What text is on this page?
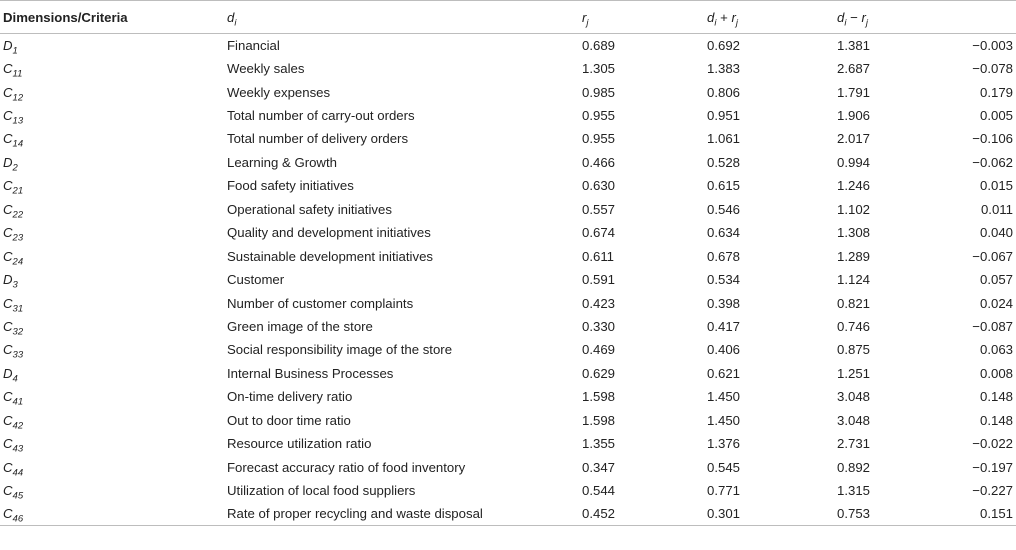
Dimensions/Criteria	$d_i$	$r_j$	$d_i + r_j$	$d_i - r_j$	
$D_1$	Financial	0.689	0.692	1.381	−0.003
$C_{11}$	Weekly sales	1.305	1.383	2.687	−0.078
$C_{12}$	Weekly expenses	0.985	0.806	1.791	0.179
$C_{13}$	Total number of carry-out orders	0.955	0.951	1.906	0.005
$C_{14}$	Total number of delivery orders	0.955	1.061	2.017	−0.106
$D_2$	Learning & Growth	0.466	0.528	0.994	−0.062
$C_{21}$	Food safety initiatives	0.630	0.615	1.246	0.015
$C_{22}$	Operational safety initiatives	0.557	0.546	1.102	0.011
$C_{23}$	Quality and development initiatives	0.674	0.634	1.308	0.040
$C_{24}$	Sustainable development initiatives	0.611	0.678	1.289	−0.067
$D_3$	Customer	0.591	0.534	1.124	0.057
$C_{31}$	Number of customer complaints	0.423	0.398	0.821	0.024
$C_{32}$	Green image of the store	0.330	0.417	0.746	−0.087
$C_{33}$	Social responsibility image of the store	0.469	0.406	0.875	0.063
$D_4$	Internal Business Processes	0.629	0.621	1.251	0.008
$C_{41}$	On-time delivery ratio	1.598	1.450	3.048	0.148
$C_{42}$	Out to door time ratio	1.598	1.450	3.048	0.148
$C_{43}$	Resource utilization ratio	1.355	1.376	2.731	−0.022
$C_{44}$	Forecast accuracy ratio of food inventory	0.347	0.545	0.892	−0.197
$C_{45}$	Utilization of local food suppliers	0.544	0.771	1.315	−0.227
$C_{46}$	Rate of proper recycling and waste disposal	0.452	0.301	0.753	0.151
